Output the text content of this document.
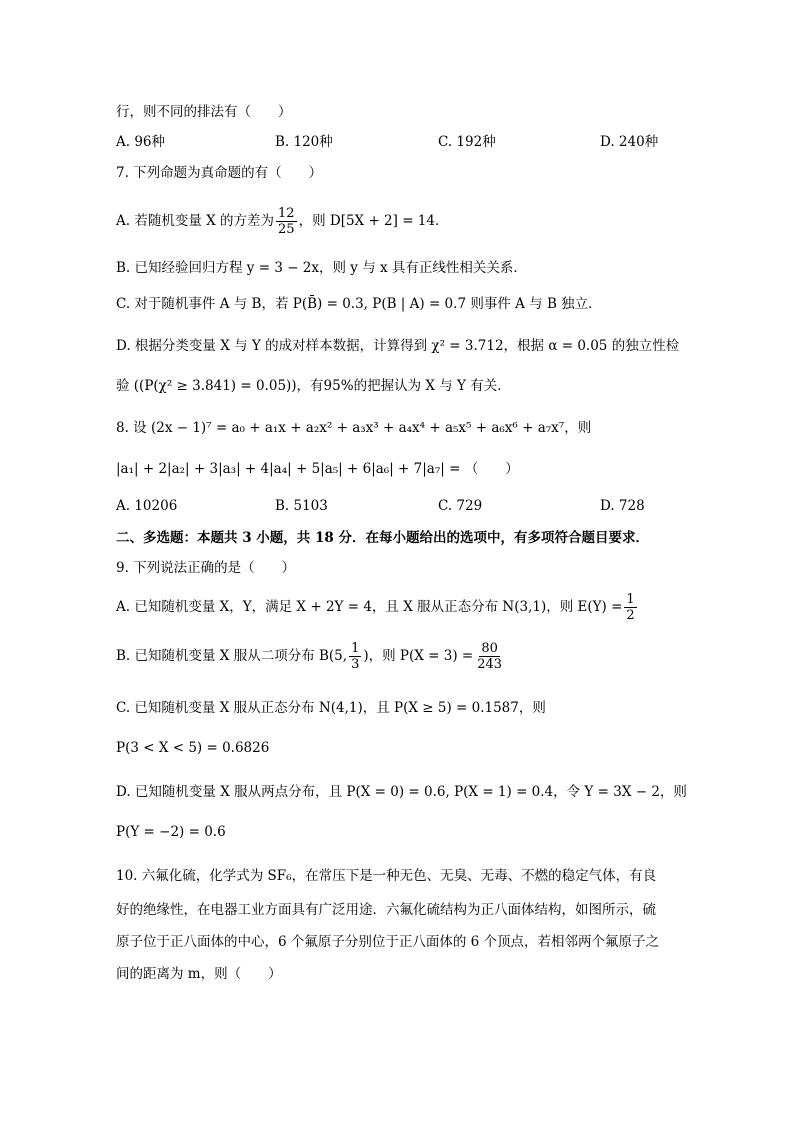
行，则不同的排法有（　　）
A. 96种	B. 120种	C. 192种	D. 240种
7. 下列命题为真命题的有（　　）
A. 若随机变量 X 的方差为 $\frac{12}{25}$ ，则 D[5X + 2] = 14．
B. 已知经验回归方程 y = 3 − 2x，则 y 与 x 具有正线性相关关系．
C. 对于随机事件 A 与 B，若 P(B̄) = 0.3, P(B | A) = 0.7 则事件 A 与 B 独立．
D. 根据分类变量 X 与 Y 的成对样本数据，计算得到 χ² = 3.712，根据 α = 0.05 的独立性检
验 ((P(χ² ≥ 3.841) = 0.05))，有95%的把握认为 X 与 Y 有关．
8. 设 (2x − 1)⁷ = a₀ + a₁x + a₂x² + a₃x³ + a₄x⁴ + a₅x⁵ + a₆x⁶ + a₇x⁷，则
|a₁| + 2|a₂| + 3|a₃| + 4|a₄| + 5|a₅| + 6|a₆| + 7|a₇| = （　　）
A. 10206	B. 5103	C. 729	D. 728
二、多选题：本题共 3 小题，共 18 分．在每小题给出的选项中，有多项符合题目要求．
9. 下列说法正确的是（　　）
A. 已知随机变量 X，Y，满足 X + 2Y = 4，且 X 服从正态分布 N(3,1)，则 $E(Y) = \frac{1}{2}$
B. 已知随机变量 X 服从二项分布 B(5, $\frac{1}{3}$ )，则 $P(X = 3) = \frac{80}{243}$
C. 已知随机变量 X 服从正态分布 N(4,1)，且 P(X ≥ 5) = 0.1587，则
P(3 < X < 5) = 0.6826
D. 已知随机变量 X 服从两点分布，且 P(X = 0) = 0.6, P(X = 1) = 0.4，令 Y = 3X − 2，则
P(Y = −2) = 0.6
10. 六氟化硫，化学式为 SF₆，在常压下是一种无色、无臭、无毒、不燃的稳定气体，有良
好的绝缘性，在电器工业方面具有广泛用途．六氟化硫结构为正八面体结构，如图所示，硫
原子位于正八面体的中心，6 个氟原子分别位于正八面体的 6 个顶点，若相邻两个氟原子之
间的距离为 m，则（　　）
